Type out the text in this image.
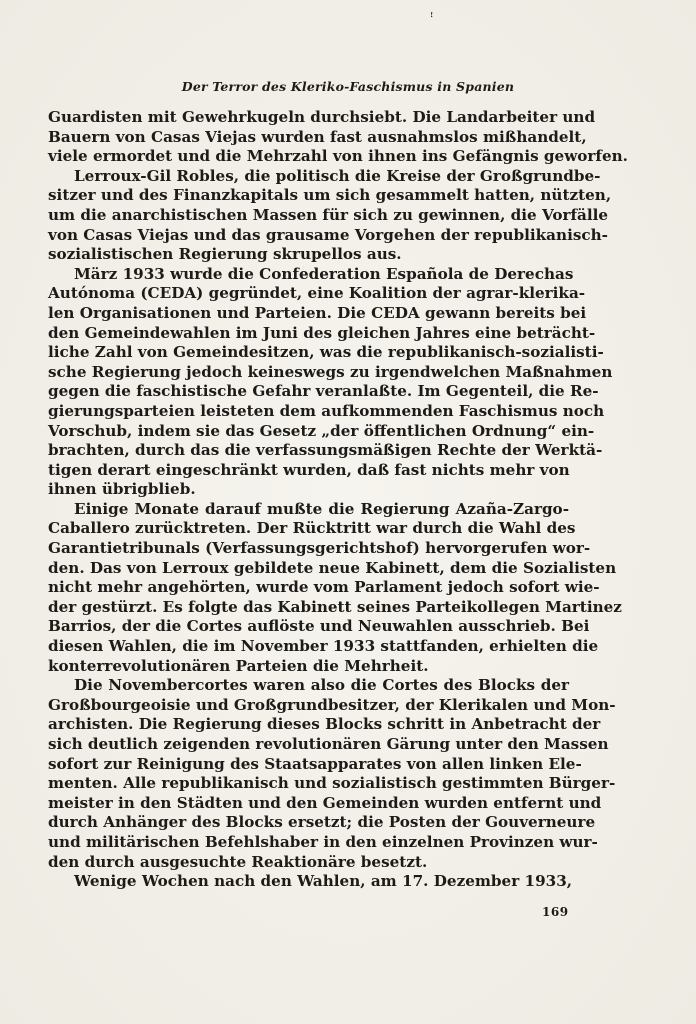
ꜝ
Der Terror des Klerikо-Faschismus in Spanien
Guardisten mit Gewehrkugeln durchsiebt. Die Landarbeiter und
Bauern von Casas Viejas wurden fast ausnahmslos mißhandelt,
viele ermordet und die Mehrzahl von ihnen ins Gefängnis geworfen.
Lerroux-Gil Robles, die politisch die Kreise der Großgrundbe-
sitzer und des Finanzkapitals um sich gesammelt hatten, nützten,
um die anarchistischen Massen für sich zu gewinnen, die Vorfälle
von Casas Viejas und das grausame Vorgehen der republikanisch-
sozialistischen Regierung skrupellos aus.
März 1933 wurde die Confederation Española de Derechas
Autónoma (CEDA) gegründet, eine Koalition der agrar-klerika-
len Organisationen und Parteien. Die CEDA gewann bereits bei
den Gemeindewahlen im Juni des gleichen Jahres eine beträcht-
liche Zahl von Gemeindesitzen, was die republikanisch-sozialisti-
sche Regierung jedoch keineswegs zu irgendwelchen Maßnahmen
gegen die faschistische Gefahr veranlaßte. Im Gegenteil, die Re-
gierungsparteien leisteten dem aufkommenden Faschismus noch
Vorschub, indem sie das Gesetz „der öffentlichen Ordnung“ ein-
brachten, durch das die verfassungsmäßigen Rechte der Werktä-
tigen derart eingeschränkt wurden, daß fast nichts mehr von
ihnen übrigblieb.
Einige Monate darauf mußte die Regierung Azaña-Zargo-
Caballero zurücktreten. Der Rücktritt war durch die Wahl des
Garantietribunals (Verfassungsgerichtshof) hervorgerufen wor-
den. Das von Lerroux gebildete neue Kabinett, dem die Sozialisten
nicht mehr angehörten, wurde vom Parlament jedoch sofort wie-
der gestürzt. Es folgte das Kabinett seines Parteikollegen Martinez
Barrios, der die Cortes auflöste und Neuwahlen ausschrieb. Bei
diesen Wahlen, die im November 1933 stattfanden, erhielten die
konterrevolutionären Parteien die Mehrheit.
Die Novembercortes waren also die Cortes des Blocks der
Großbourgeoisie und Großgrundbesitzer, der Klerikalen und Mon-
archisten. Die Regierung dieses Blocks schritt in Anbetracht der
sich deutlich zeigenden revolutionären Gärung unter den Massen
sofort zur Reinigung des Staatsapparates von allen linken Ele-
menten. Alle republikanisch und sozialistisch gestimmten Bürger-
meister in den Städten und den Gemeinden wurden entfernt und
durch Anhänger des Blocks ersetzt; die Posten der Gouverneure
und militärischen Befehlshaber in den einzelnen Provinzen wur-
den durch ausgesuchte Reaktionäre besetzt.
Wenige Wochen nach den Wahlen, am 17. Dezember 1933,
169
